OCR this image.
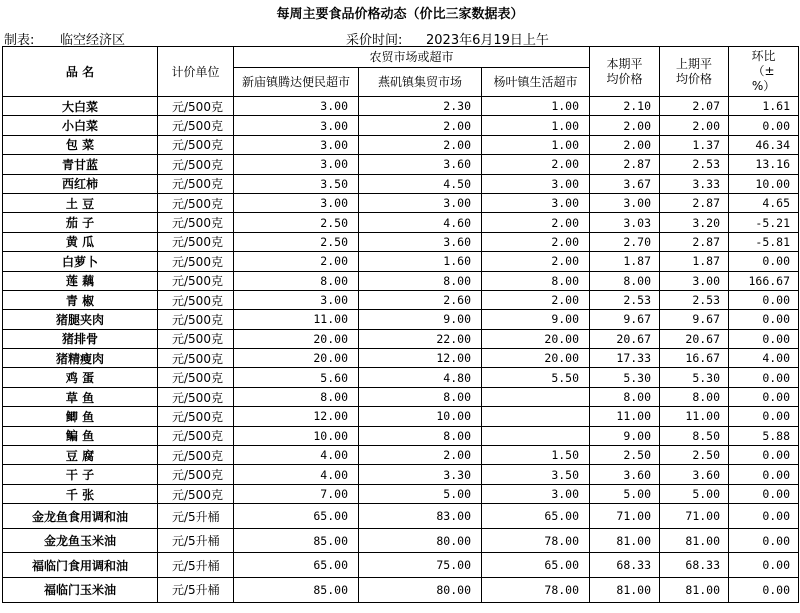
每周主要食品价格动态（价比三家数据表）
制表: 临空经济区	采价时间: 2023年6月19日上午
品 名	计价单位	农贸市场或超市			本期平均价格	上期平均价格	环比（±%）
		新庙镇腾达便民超市	燕矶镇集贸市场	杨叶镇生活超市			
大白菜	元/500克	3.00	2.30	1.00	2.10	2.07	1.61
小白菜	元/500克	3.00	2.00	1.00	2.00	2.00	0.00
包 菜	元/500克	3.00	2.00	1.00	2.00	1.37	46.34
青甘蓝	元/500克	3.00	3.60	2.00	2.87	2.53	13.16
西红柿	元/500克	3.50	4.50	3.00	3.67	3.33	10.00
土 豆	元/500克	3.00	3.00	3.00	3.00	2.87	4.65
茄 子	元/500克	2.50	4.60	2.00	3.03	3.20	-5.21
黄 瓜	元/500克	2.50	3.60	2.00	2.70	2.87	-5.81
白萝卜	元/500克	2.00	1.60	2.00	1.87	1.87	0.00
莲 藕	元/500克	8.00	8.00	8.00	8.00	3.00	166.67
青 椒	元/500克	3.00	2.60	2.00	2.53	2.53	0.00
猪腿夹肉	元/500克	11.00	9.00	9.00	9.67	9.67	0.00
猪排骨	元/500克	20.00	22.00	20.00	20.67	20.67	0.00
猪精瘦肉	元/500克	20.00	12.00	20.00	17.33	16.67	4.00
鸡 蛋	元/500克	5.60	4.80	5.50	5.30	5.30	0.00
草 鱼	元/500克	8.00	8.00		8.00	8.00	0.00
鲫 鱼	元/500克	12.00	10.00		11.00	11.00	0.00
鳊 鱼	元/500克	10.00	8.00		9.00	8.50	5.88
豆 腐	元/500克	4.00	2.00	1.50	2.50	2.50	0.00
干 子	元/500克	4.00	3.30	3.50	3.60	3.60	0.00
千 张	元/500克	7.00	5.00	3.00	5.00	5.00	0.00
金龙鱼食用调和油	元/5升桶	65.00	83.00	65.00	71.00	71.00	0.00
金龙鱼玉米油	元/5升桶	85.00	80.00	78.00	81.00	81.00	0.00
福临门食用调和油	元/5升桶	65.00	75.00	65.00	68.33	68.33	0.00
福临门玉米油	元/5升桶	85.00	80.00	78.00	81.00	81.00	0.00
